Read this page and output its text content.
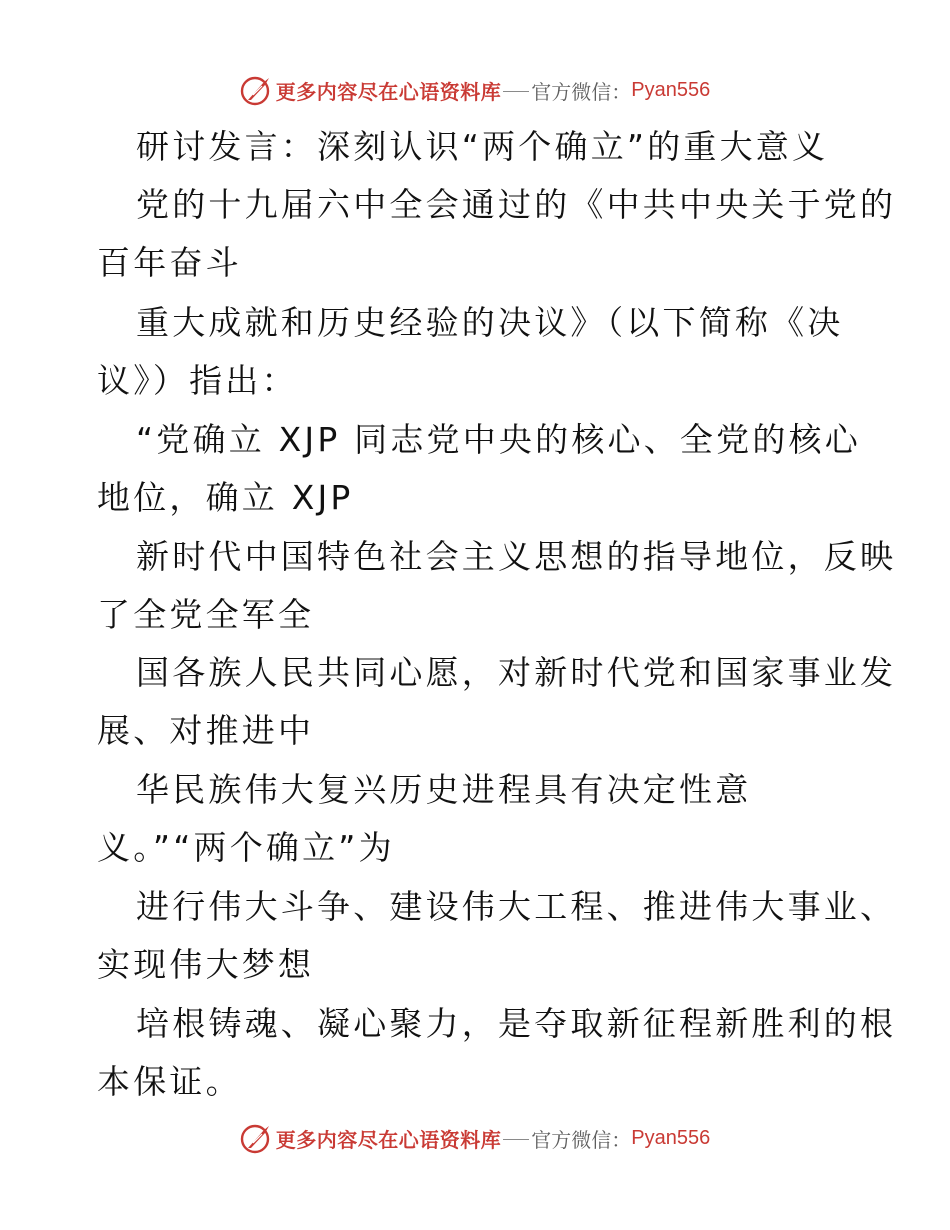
更多内容尽在心语资料库 官方微信： Pyan556
研讨发言：深刻认识“两个确立”的重大意义
党的十九届六中全会通过的《中共中央关于党的
百年奋斗
重大成就和历史经验的决议》（以下简称《决
议》）指出：
“党确立 XJP 同志党中央的核心、全党的核心
地位，确立 XJP
新时代中国特色社会主义思想的指导地位，反映
了全党全军全
国各族人民共同心愿，对新时代党和国家事业发
展、对推进中
华民族伟大复兴历史进程具有决定性意
义。”“两个确立”为
进行伟大斗争、建设伟大工程、推进伟大事业、
实现伟大梦想
培根铸魂、凝心聚力，是夺取新征程新胜利的根
本保证。
更多内容尽在心语资料库 官方微信： Pyan556
